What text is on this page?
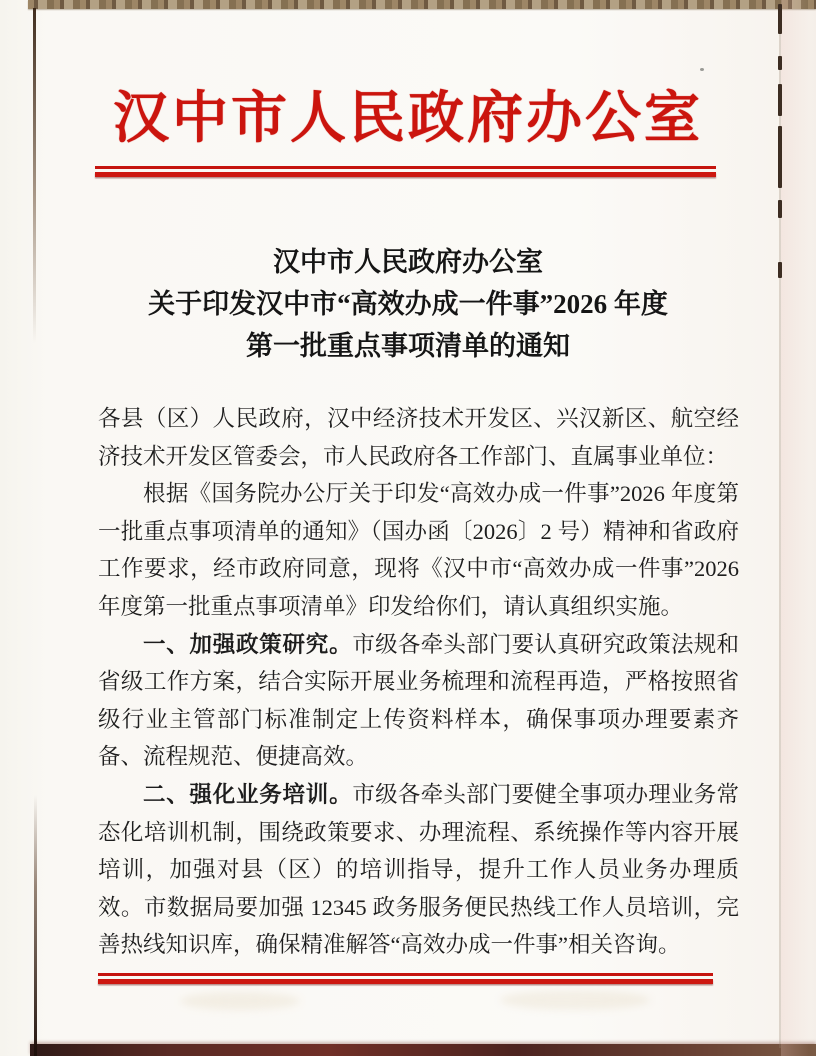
汉中市人民政府办公室
汉中市人民政府办公室
关于印发汉中市“高效办成一件事”2026 年度
第一批重点事项清单的通知

各县（区）人民政府，汉中经济技术开发区、兴汉新区、航空经济技术开发区管委会，市人民政府各工作部门、直属事业单位：

根据《国务院办公厅关于印发“高效办成一件事”2026 年度第一批重点事项清单的通知》（国办函〔2026〕2 号）精神和省政府工作要求，经市政府同意，现将《汉中市“高效办成一件事”2026 年度第一批重点事项清单》印发给你们，请认真组织实施。

一、加强政策研究。市级各牵头部门要认真研究政策法规和省级工作方案，结合实际开展业务梳理和流程再造，严格按照省级行业主管部门标准制定上传资料样本，确保事项办理要素齐备、流程规范、便捷高效。

二、强化业务培训。市级各牵头部门要健全事项办理业务常态化培训机制，围绕政策要求、办理流程、系统操作等内容开展培训，加强对县（区）的培训指导，提升工作人员业务办理质效。市数据局要加强 12345 政务服务便民热线工作人员培训，完善热线知识库，确保精准解答“高效办成一件事”相关咨询。
